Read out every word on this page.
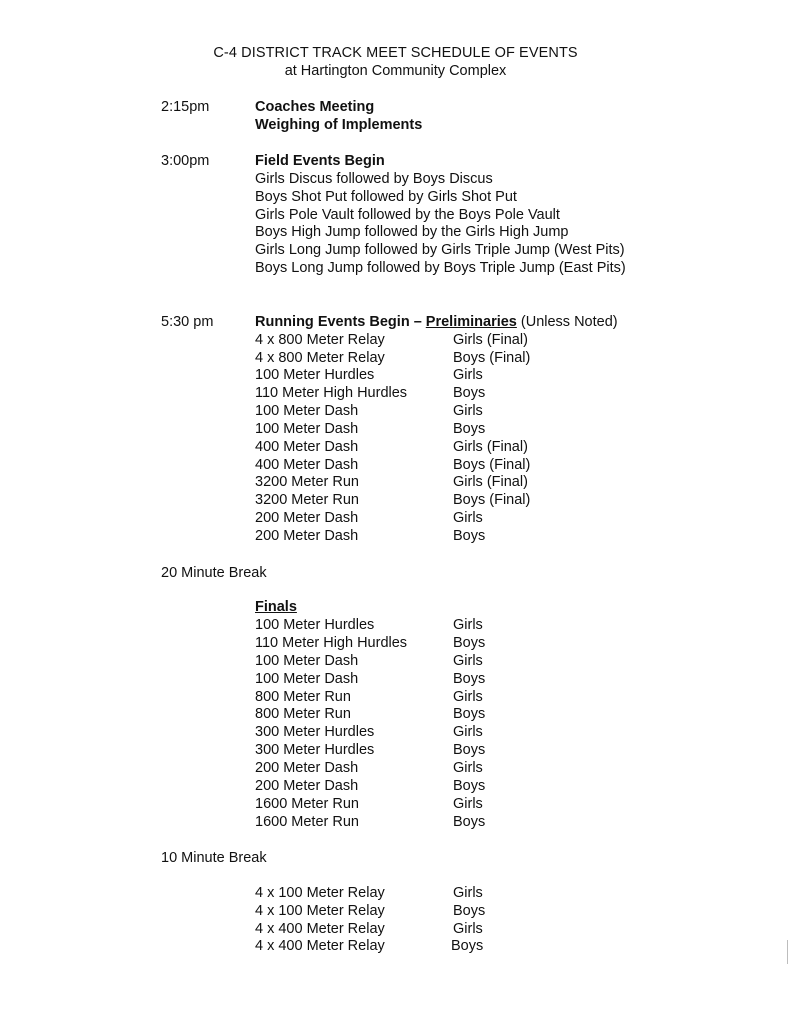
C-4 DISTRICT TRACK MEET SCHEDULE OF EVENTS
at Hartington Community Complex
2:15pm	Coaches Meeting
Weighing of Implements
3:00pm	Field Events Begin
Girls Discus followed by Boys Discus
Boys Shot Put followed by Girls Shot Put
Girls Pole Vault followed by the Boys Pole Vault
Boys High Jump followed by the Girls High Jump
Girls Long Jump followed by Girls Triple Jump (West Pits)
Boys Long Jump followed by Boys Triple Jump (East Pits)
5:30 pm	Running Events Begin – Preliminaries (Unless Noted)
4 x 800 Meter Relay	Girls (Final)
4 x 800 Meter Relay	Boys (Final)
100 Meter Hurdles	Girls
110 Meter High Hurdles	Boys
100 Meter Dash	Girls
100 Meter Dash	Boys
400 Meter Dash	Girls (Final)
400 Meter Dash	Boys (Final)
3200 Meter Run	Girls (Final)
3200 Meter Run	Boys (Final)
200 Meter Dash	Girls
200 Meter Dash	Boys
20 Minute Break
Finals
100 Meter Hurdles	Girls
110 Meter High Hurdles	Boys
100 Meter Dash	Girls
100 Meter Dash	Boys
800 Meter Run	Girls
800 Meter Run	Boys
300 Meter Hurdles	Girls
300 Meter Hurdles	Boys
200 Meter Dash	Girls
200 Meter Dash	Boys
1600 Meter Run	Girls
1600 Meter Run	Boys
10 Minute Break
4 x 100 Meter Relay	Girls
4 x 100 Meter Relay	Boys
4 x 400 Meter Relay	Girls
4 x 400 Meter Relay	Boys
